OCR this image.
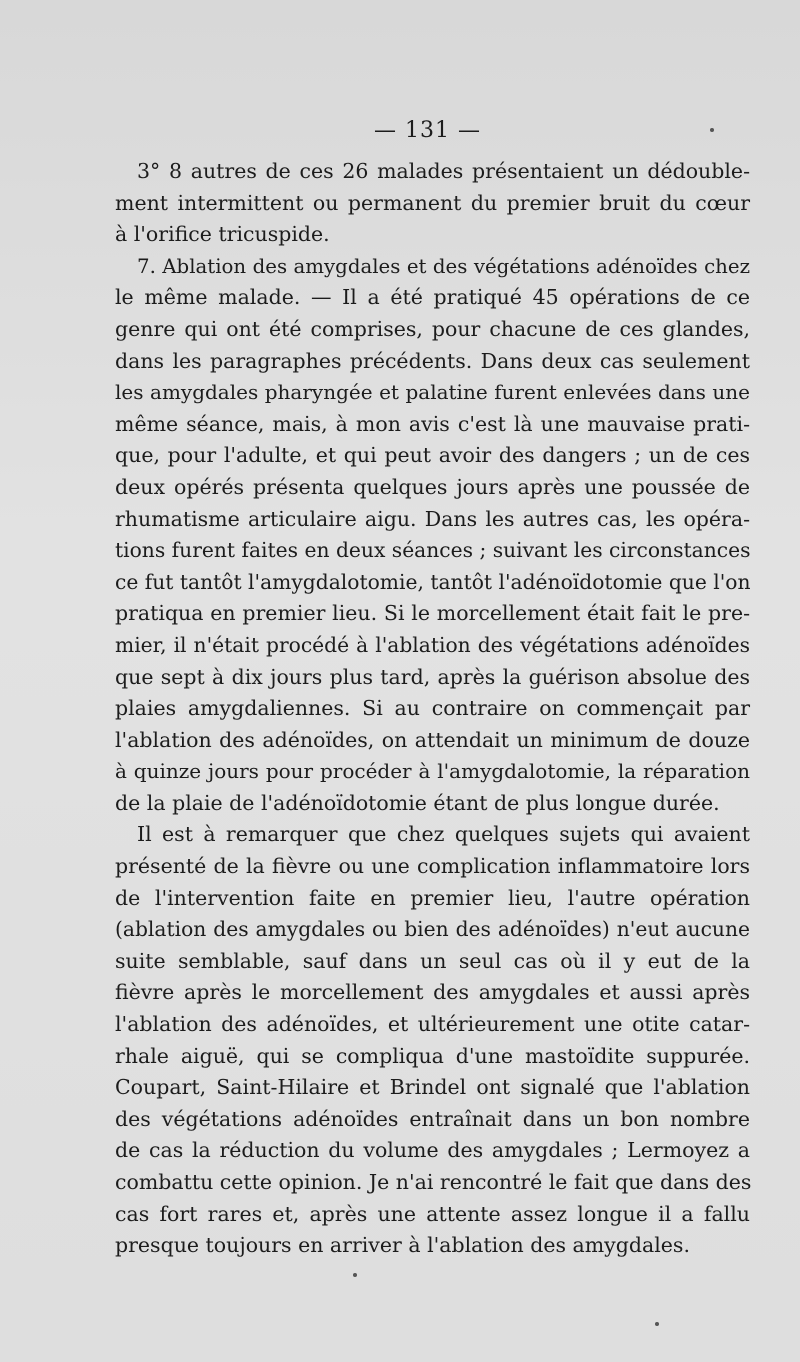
— 131 —
3° 8 autres de ces 26 malades présentaient un dédouble-
ment intermittent ou permanent du premier bruit du cœur
à l'orifice tricuspide.
7. Ablation des amygdales et des végétations adénoïdes chez
le même malade. — Il a été pratiqué 45 opérations de ce
genre qui ont été comprises, pour chacune de ces glandes,
dans les paragraphes précédents. Dans deux cas seulement
les amygdales pharyngée et palatine furent enlevées dans une
même séance, mais, à mon avis c'est là une mauvaise prati-
que, pour l'adulte, et qui peut avoir des dangers ; un de ces
deux opérés présenta quelques jours après une poussée de
rhumatisme articulaire aigu. Dans les autres cas, les opéra-
tions furent faites en deux séances ; suivant les circonstances
ce fut tantôt l'amygdalotomie, tantôt l'adénoïdotomie que l'on
pratiqua en premier lieu. Si le morcellement était fait le pre-
mier, il n'était procédé à l'ablation des végétations adénoïdes
que sept à dix jours plus tard, après la guérison absolue des
plaies amygdaliennes. Si au contraire on commençait par
l'ablation des adénoïdes, on attendait un minimum de douze
à quinze jours pour procéder à l'amygdalotomie, la réparation
de la plaie de l'adénoïdotomie étant de plus longue durée.
Il est à remarquer que chez quelques sujets qui avaient
présenté de la fièvre ou une complication inflammatoire lors
de l'intervention faite en premier lieu, l'autre opération
(ablation des amygdales ou bien des adénoïdes) n'eut aucune
suite semblable, sauf dans un seul cas où il y eut de la
fièvre après le morcellement des amygdales et aussi après
l'ablation des adénoïdes, et ultérieurement une otite catar-
rhale aiguë, qui se compliqua d'une mastoïdite suppurée.
Coupart, Saint-Hilaire et Brindel ont signalé que l'ablation
des végétations adénoïdes entraînait dans un bon nombre
de cas la réduction du volume des amygdales ; Lermoyez a
combattu cette opinion. Je n'ai rencontré le fait que dans des
cas fort rares et, après une attente assez longue il a fallu
presque toujours en arriver à l'ablation des amygdales.
